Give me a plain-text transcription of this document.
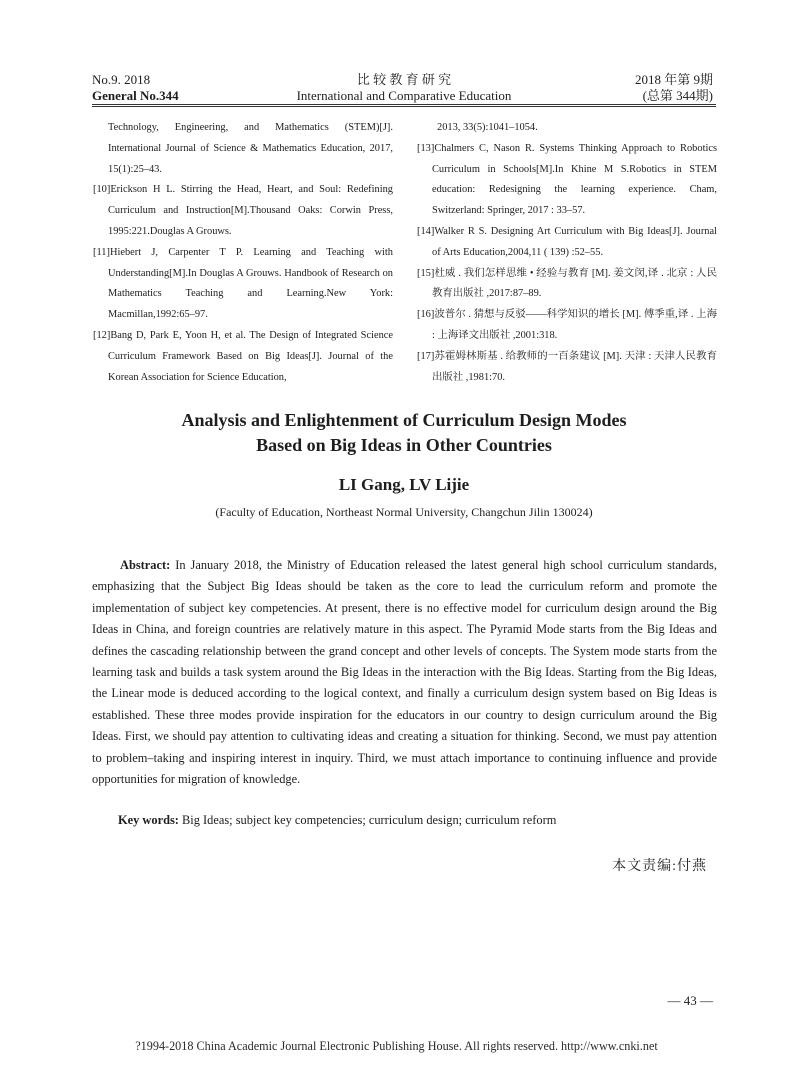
No.9. 2018
General No.344
比 较 教 育 研 究
International and Comparative Education
2018 年第 9期
(总第 344期)
Technology, Engineering, and Mathematics (STEM)[J]. International Journal of Science & Mathematics Education, 2017, 15(1):25–43.
[10]Erickson H L. Stirring the Head, Heart, and Soul: Redefining Curriculum and Instruction[M].Thousand Oaks: Corwin Press, 1995:221.Douglas A Grouws.
[11]Hiebert J, Carpenter T P. Learning and Teaching with Understanding[M].In Douglas A Grouws. Handbook of Research on Mathematics Teaching and Learning.New York: Macmillan,1992:65–97.
[12]Bang D, Park E, Yoon H, et al. The Design of Integrated Science Curriculum Framework Based on Big Ideas[J]. Journal of the Korean Association for Science Education,
2013, 33(5):1041–1054.
[13]Chalmers C, Nason R. Systems Thinking Approach to Robotics Curriculum in Schools[M].In Khine M S.Robotics in STEM education: Redesigning the learning experience. Cham, Switzerland: Springer, 2017 : 33–57.
[14]Walker R S. Designing Art Curriculum with Big Ideas[J]. Journal of Arts Education,2004,11 ( 139) :52–55.
[15]杜威 . 我们怎样思维 • 经验与教育 [M]. 姜文闵,译 . 北京 : 人民教育出版社 ,2017:87–89.
[16]波普尔 . 猜想与反驳——科学知识的增长 [M]. 傅季重,译 . 上海 : 上海译文出版社 ,2001:318.
[17]苏霍姆林斯基 . 给教师的一百条建议 [M]. 天津 : 天津人民教育出版社 ,1981:70.
Analysis and Enlightenment of Curriculum Design Modes
Based on Big Ideas in Other Countries
LI Gang, LV Lijie
(Faculty of Education, Northeast Normal University, Changchun Jilin 130024)
Abstract: In January 2018, the Ministry of Education released the latest general high school curriculum standards, emphasizing that the Subject Big Ideas should be taken as the core to lead the curriculum reform and promote the implementation of subject key competencies. At present, there is no effective model for curriculum design around the Big Ideas in China, and foreign countries are relatively mature in this aspect. The Pyramid Mode starts from the Big Ideas and defines the cascading relationship between the grand concept and other levels of concepts. The System mode starts from the learning task and builds a task system around the Big Ideas in the interaction with the Big Ideas. Starting from the Big Ideas, the Linear mode is deduced according to the logical context, and finally a curriculum design system based on Big Ideas is established. These three modes provide inspiration for the educators in our country to design curriculum around the Big Ideas. First, we should pay attention to cultivating ideas and creating a situation for thinking. Second, we must pay attention to problem–taking and inspiring interest in inquiry. Third, we must attach importance to continuing influence and provide opportunities for migration of knowledge.
Key words: Big Ideas; subject key competencies; curriculum design; curriculum reform
本文责编:付燕
— 43 —
?1994-2018 China Academic Journal Electronic Publishing House. All rights reserved. http://www.cnki.net
